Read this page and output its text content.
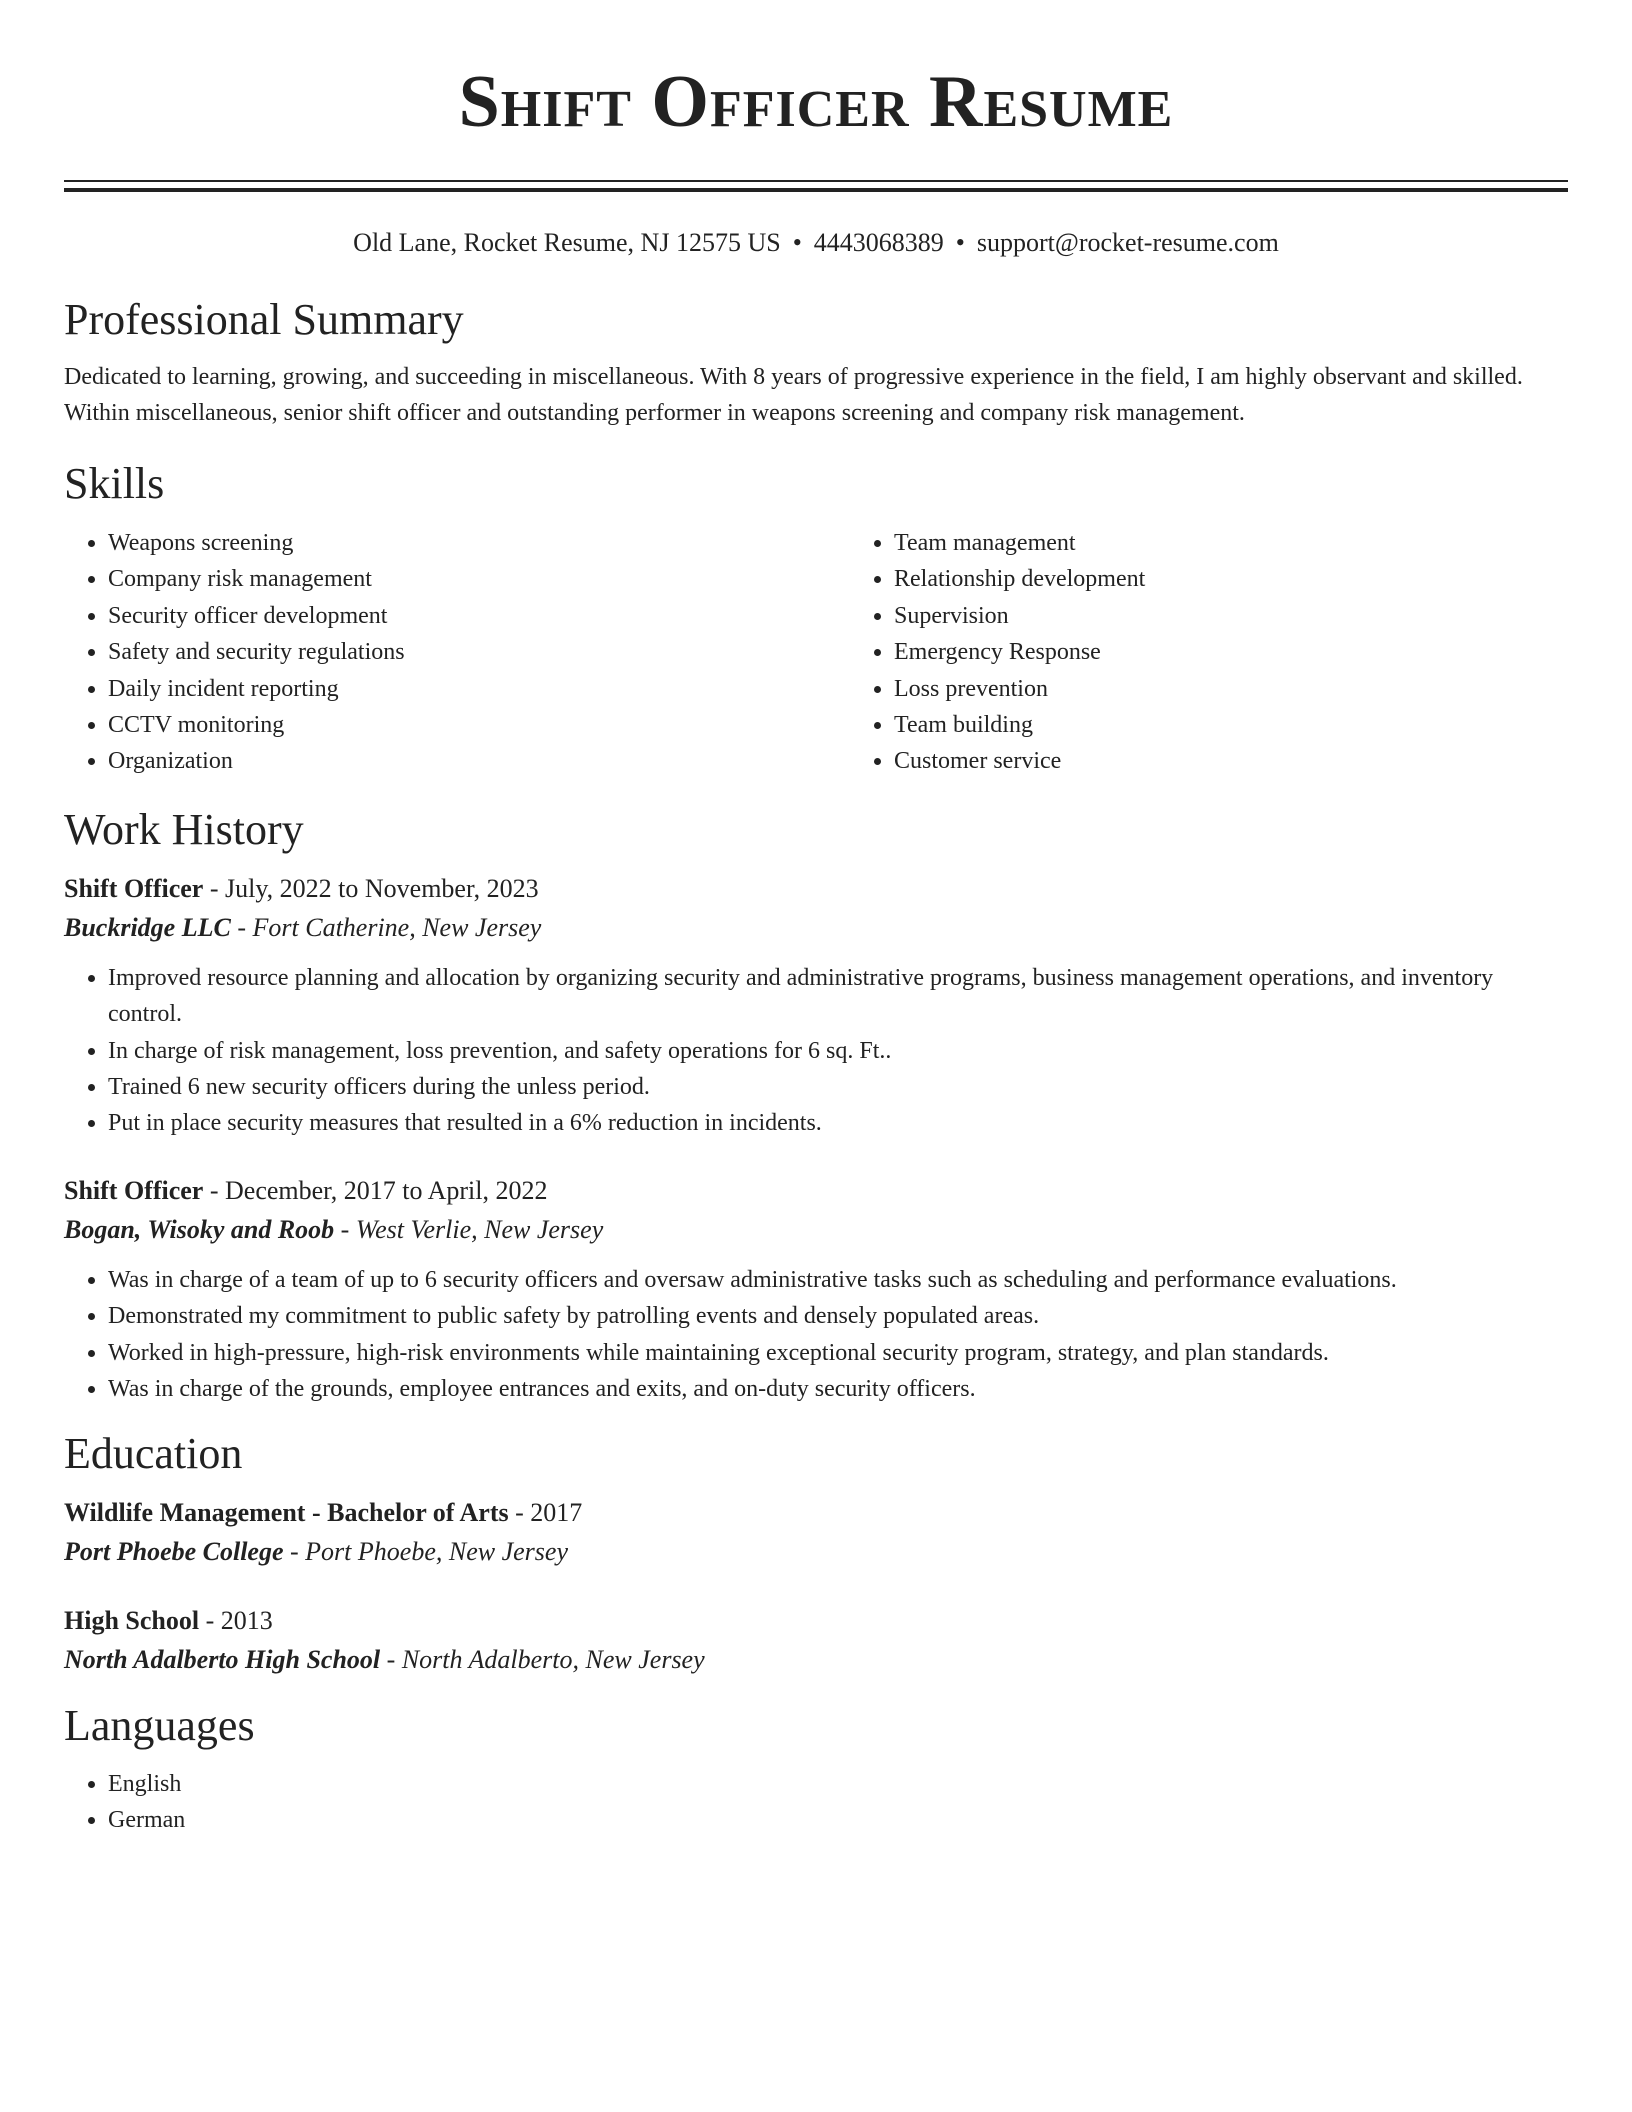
Shift Officer Resume
Old Lane, Rocket Resume, NJ 12575 US • 4443068389 • support@rocket-resume.com
Professional Summary

Dedicated to learning, growing, and succeeding in miscellaneous. With 8 years of progressive experience in the field, I am highly observant and skilled. Within miscellaneous, senior shift officer and outstanding performer in weapons screening and company risk management.

Skills
• Weapons screening
• Company risk management
• Security officer development
• Safety and security regulations
• Daily incident reporting
• CCTV monitoring
• Organization
• Team management
• Relationship development
• Supervision
• Emergency Response
• Loss prevention
• Team building
• Customer service
Work History

Shift Officer - July, 2022 to November, 2023

Buckridge LLC - Fort Catherine, New Jersey

• Improved resource planning and allocation by organizing security and administrative programs, business management operations, and inventory control.
• In charge of risk management, loss prevention, and safety operations for 6 sq. Ft..
• Trained 6 new security officers during the unless period.
• Put in place security measures that resulted in a 6% reduction in incidents.

Shift Officer - December, 2017 to April, 2022

Bogan, Wisoky and Roob - West Verlie, New Jersey

• Was in charge of a team of up to 6 security officers and oversaw administrative tasks such as scheduling and performance evaluations.
• Demonstrated my commitment to public safety by patrolling events and densely populated areas.
• Worked in high-pressure, high-risk environments while maintaining exceptional security program, strategy, and plan standards.
• Was in charge of the grounds, employee entrances and exits, and on-duty security officers.
Education

Wildlife Management - Bachelor of Arts - 2017

Port Phoebe College - Port Phoebe, New Jersey

High School - 2013

North Adalberto High School - North Adalberto, New Jersey

Languages
• English
• German
